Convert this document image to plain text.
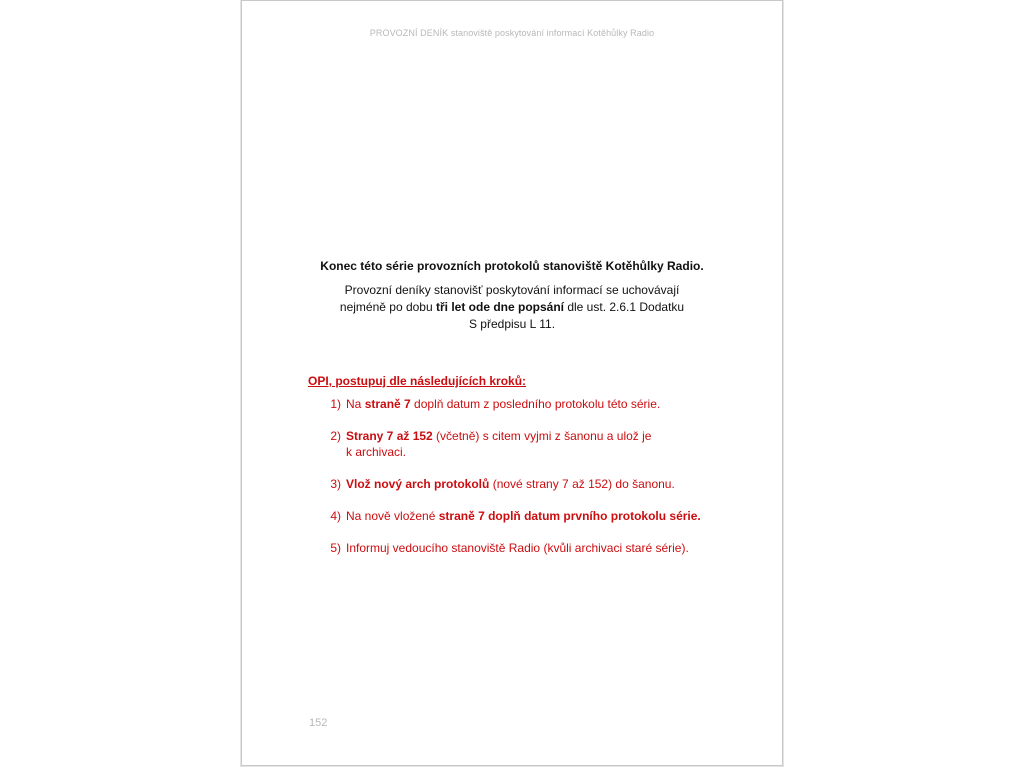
PROVOZNÍ DENÍK stanoviště poskytování informací Kotěhůlky Radio

Konec této série provozních protokolů stanoviště Kotěhůlky Radio.

Provozní deníky stanovišť poskytování informací se uchovávají
nejméně po dobu tři let ode dne popsání dle ust. 2.6.1 Dodatku
S předpisu L 11.

OPI, postupuj dle následujících kroků:

1) Na straně 7 doplň datum z posledního protokolu této série.
2) Strany 7 až 152 (včetně) s citem vyjmi z šanonu a ulož je
k archivaci.
3) Vlož nový arch protokolů (nové strany 7 až 152) do šanonu.
4) Na nově vložené straně 7 doplň datum prvního protokolu série.
5) Informuj vedoucího stanoviště Radio (kvůli archivaci staré série).
152
